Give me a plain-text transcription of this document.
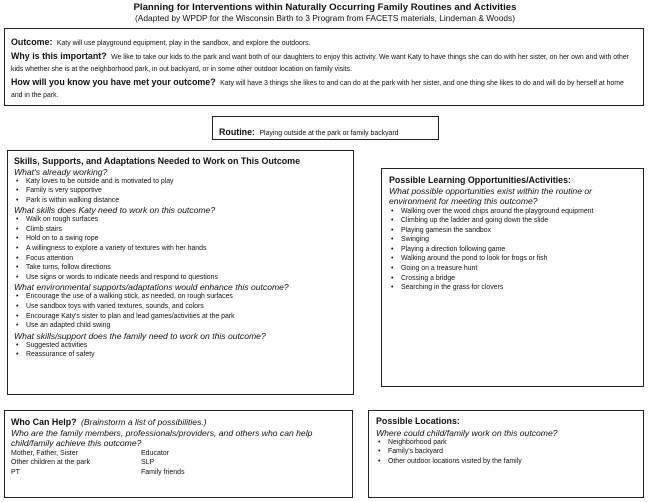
Planning for Interventions within Naturally Occurring Family Routines and Activities
(Adapted by WPDP for the Wisconsin Birth to 3 Program from FACETS materials, Lindeman & Woods)
Outcome: Katy will use playground equipment, play in the sandbox, and explore the outdoors.
Why is this important? We like to take our kids to the park and want both of our daughters to enjoy this activity. We want Katy to have things she can do with her sister, on her own and with other kids whether she is at the neighborhood park, in out backyard, or in some other outdoor location on family visits.
How will you know you have met your outcome? Katy will have 3 things she likes to and can do at the park with her sister, and one thing she likes to do and will do by herself at home and in the park.
Routine: Playing outside at the park or family backyard
Skills, Supports, and Adaptations Needed to Work on This Outcome
What's already working?
• Katy loves to be outside and is motivated to play
• Family is very supportive
• Park is within walking distance
What skills does Katy need to work on this outcome?
• Walk on rough surfaces
• Climb stairs
• Hold on to a swing rope
• A willingness to explore a variety of textures with her hands
• Focus attention
• Take turns, follow directions
• Use signs or words to indicate needs and respond to questions
What environmental supports/adaptations would enhance this outcome?
• Encourage the use of a walking stick, as needed, on rough surfaces
• Use sandbox toys with varied textures, sounds, and colors
• Encourage Katy's sister to plan and lead games/activities at the park
• Use an adapted child swing
What skills/support does the family need to work on this outcome?
• Suggested activities
• Reassurance of safety
Possible Learning Opportunities/Activities:
What possible opportunities exist within the routine or environment for meeting this outcome?
• Walking over the wood chips around the playground equipment
• Climbing up the ladder and going down the slide
• Playing gamesin the sandbox
• Swinging
• Playing a direction following game
• Walking around the pond to look for frogs or fish
• Going on a treasure hunt
• Crossing a bridge
• Searching in the grass for clovers
Who Can Help? (Brainstorm a list of possibilities.)
Who are the family members, professionals/providers, and others who can help child/family achieve this outcome?
Mother, Father, Sister	Educator
Other children at the park	SLP
PT	Family friends
Possible Locations:
Where could child/family work on this outcome?
• Neighborhood park
• Family's backyard
• Other outdoor locations visited by the family
